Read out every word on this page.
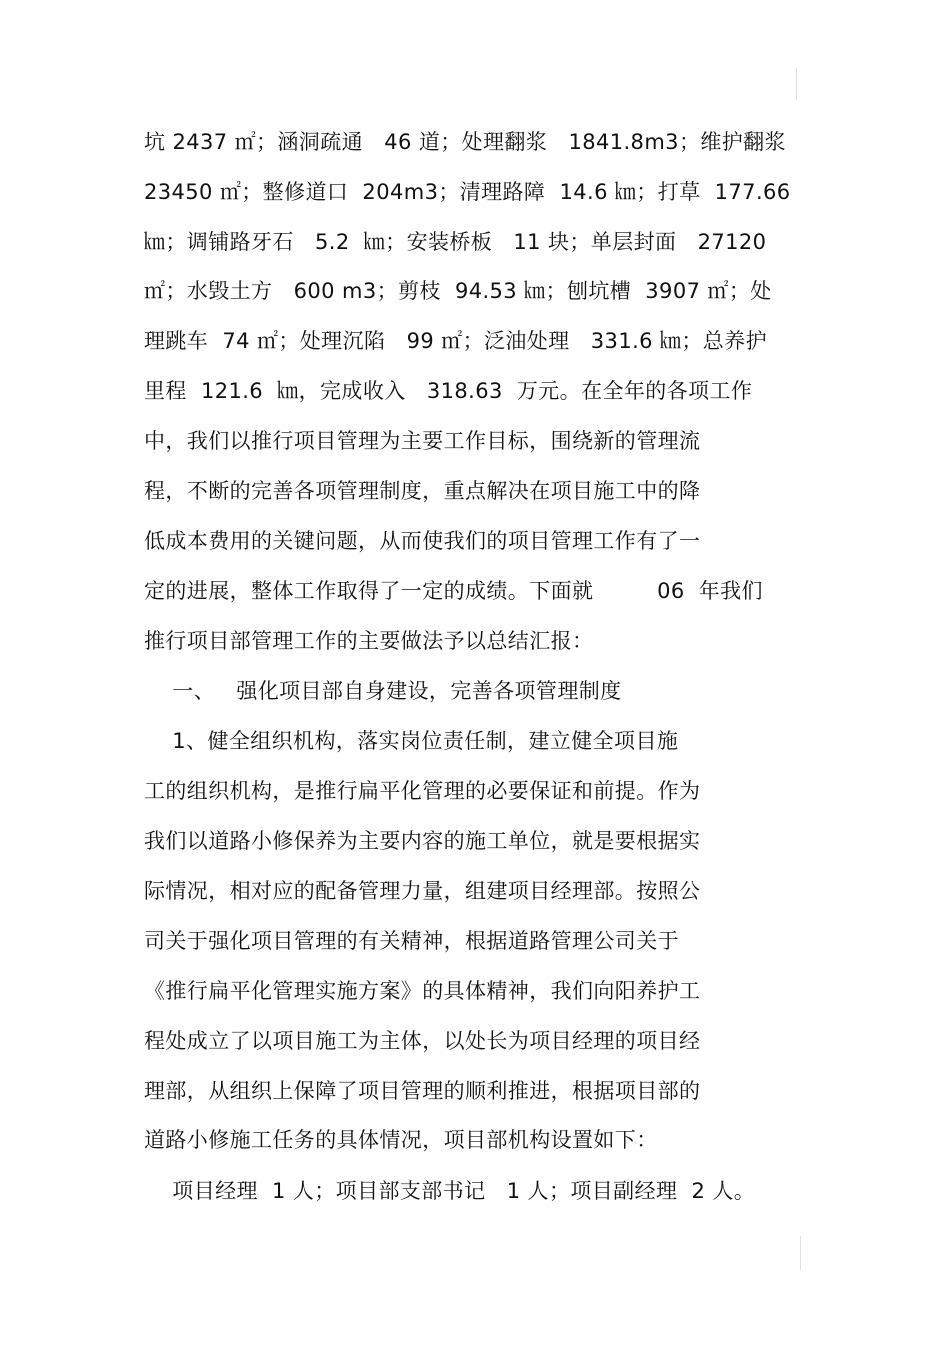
坑 2437 ㎡；涵洞疏通   46 道；处理翻浆   1841.8m3；维护翻浆
23450 ㎡；整修道口  204m3；清理路障  14.6 ㎞；打草  177.66
㎞；调铺路牙石   5.2  ㎞；安装桥板   11 块；单层封面   27120
㎡；水毁土方   600 m3；剪枝  94.53 ㎞；刨坑槽  3907 ㎡；处
理跳车  74 ㎡；处理沉陷   99 ㎡；泛油处理   331.6 ㎞；总养护
里程  121.6  ㎞，完成收入   318.63  万元。在全年的各项工作
中，我们以推行项目管理为主要工作目标，围绕新的管理流
程，不断的完善各项管理制度，重点解决在项目施工中的降
低成本费用的关键问题，从而使我们的项目管理工作有了一
定的进展，整体工作取得了一定的成绩。下面就         06  年我们
推行项目部管理工作的主要做法予以总结汇报：
一、   强化项目部自身建设，完善各项管理制度
1、健全组织机构，落实岗位责任制，建立健全项目施
工的组织机构，是推行扁平化管理的必要保证和前提。作为
我们以道路小修保养为主要内容的施工单位，就是要根据实
际情况，相对应的配备管理力量，组建项目经理部。按照公
司关于强化项目管理的有关精神，根据道路管理公司关于
《推行扁平化管理实施方案》的具体精神，我们向阳养护工
程处成立了以项目施工为主体，以处长为项目经理的项目经
理部，从组织上保障了项目管理的顺利推进，根据项目部的
道路小修施工任务的具体情况，项目部机构设置如下：
项目经理  1 人；项目部支部书记   1 人；项目副经理  2 人。
